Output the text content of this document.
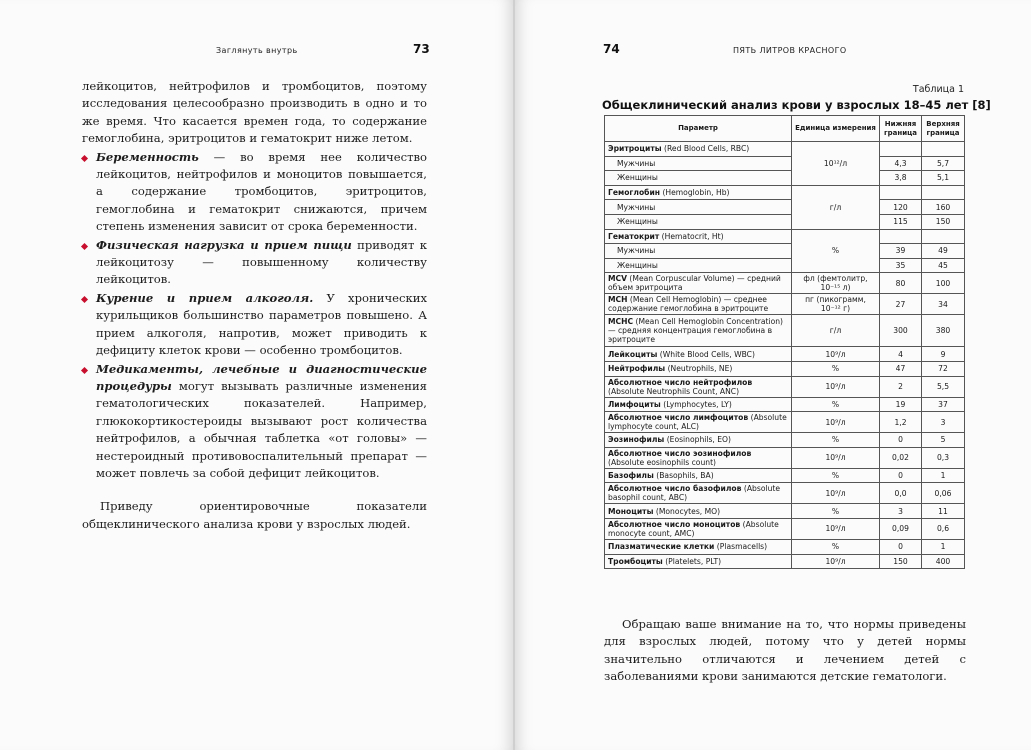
Заглянуть внутрь	73

лейкоцитов, нейтрофилов и тромбоцитов, поэтому исследования целесообразно производить в одно и то же время. Что касается времен года, то содержание гемоглобина, эритроцитов и гематокрит ниже летом.

Беременность — во время нее количество лейкоцитов, нейтрофилов и моноцитов повышается, а содержание тромбоцитов, эритроцитов, гемоглобина и гематокрит снижаются, причем степень изменения зависит от срока беременности.

Физическая нагрузка и прием пищи приводят к лейкоцитозу — повышенному количеству лейкоцитов.

Курение и прием алкоголя. У хронических курильщиков большинство параметров повышено. А прием алкоголя, напротив, может приводить к дефициту клеток крови — особенно тромбоцитов.

Медикаменты, лечебные и диагностические процедуры могут вызывать различные изменения гематологических показателей. Например, глюкокортикостероиды вызывают рост количества нейтрофилов, а обычная таблетка «от головы» — нестероидный противовоспалительный препарат — может повлечь за собой дефицит лейкоцитов.

Приведу ориентировочные показатели общеклинического анализа крови у взрослых людей.

74	ПЯТЬ ЛИТРОВ КРАСНОГО
Таблица 1
Общеклинический анализ крови у взрослых 18–45 лет [8]
Параметр	Единица измерения	Нижняя граница	Верхняя граница
Эритроциты (Red Blood Cells, RBC)	10¹²/л		
Мужчины		4,3	5,7
Женщины		3,8	5,1
Гемоглобин (Hemoglobin, Hb)	г/л		
Мужчины		120	160
Женщины		115	150
Гематокрит (Hematocrit, Ht)	%		
Мужчины		39	49
Женщины		35	45
MCV (Mean Corpuscular Volume) — средний объем эритроцита	фл (фемтолитр, 10⁻¹⁵ л)	80	100
MCH (Mean Cell Hemoglobin) — среднее содержание гемоглобина в эритроците	пг (пикограмм, 10⁻¹² г)	27	34
MCHC (Mean Cell Hemoglobin Concentration) — средняя концентрация гемоглобина в эритроците	г/л	300	380
Лейкоциты (White Blood Cells, WBC)	10⁹/л	4	9
Нейтрофилы (Neutrophils, NE)	%	47	72
Абсолютное число нейтрофилов (Absolute Neutrophils Count, ANC)	10⁹/л	2	5,5
Лимфоциты (Lymphocytes, LY)	%	19	37
Абсолютное число лимфоцитов (Absolute lymphocyte count, ALC)	10⁹/л	1,2	3
Эозинофилы (Eosinophils, EO)	%	0	5
Абсолютное число эозинофилов (Absolute eosinophils count)	10⁹/л	0,02	0,3
Базофилы (Basophils, BA)	%	0	1
Абсолютное число базофилов (Absolute basophil count, ABC)	10⁹/л	0,0	0,06
Моноциты (Monocytes, MO)	%	3	11
Абсолютное число моноцитов (Absolute monocyte count, AMC)	10⁹/л	0,09	0,6
Плазматические клетки (Plasmacells)	%	0	1
Тромбоциты (Platelets, PLT)	10⁹/л	150	400

Обращаю ваше внимание на то, что нормы приведены для взрослых людей, потому что у детей нормы значительно отличаются и лечением детей с заболеваниями крови занимаются детские гематологи.
